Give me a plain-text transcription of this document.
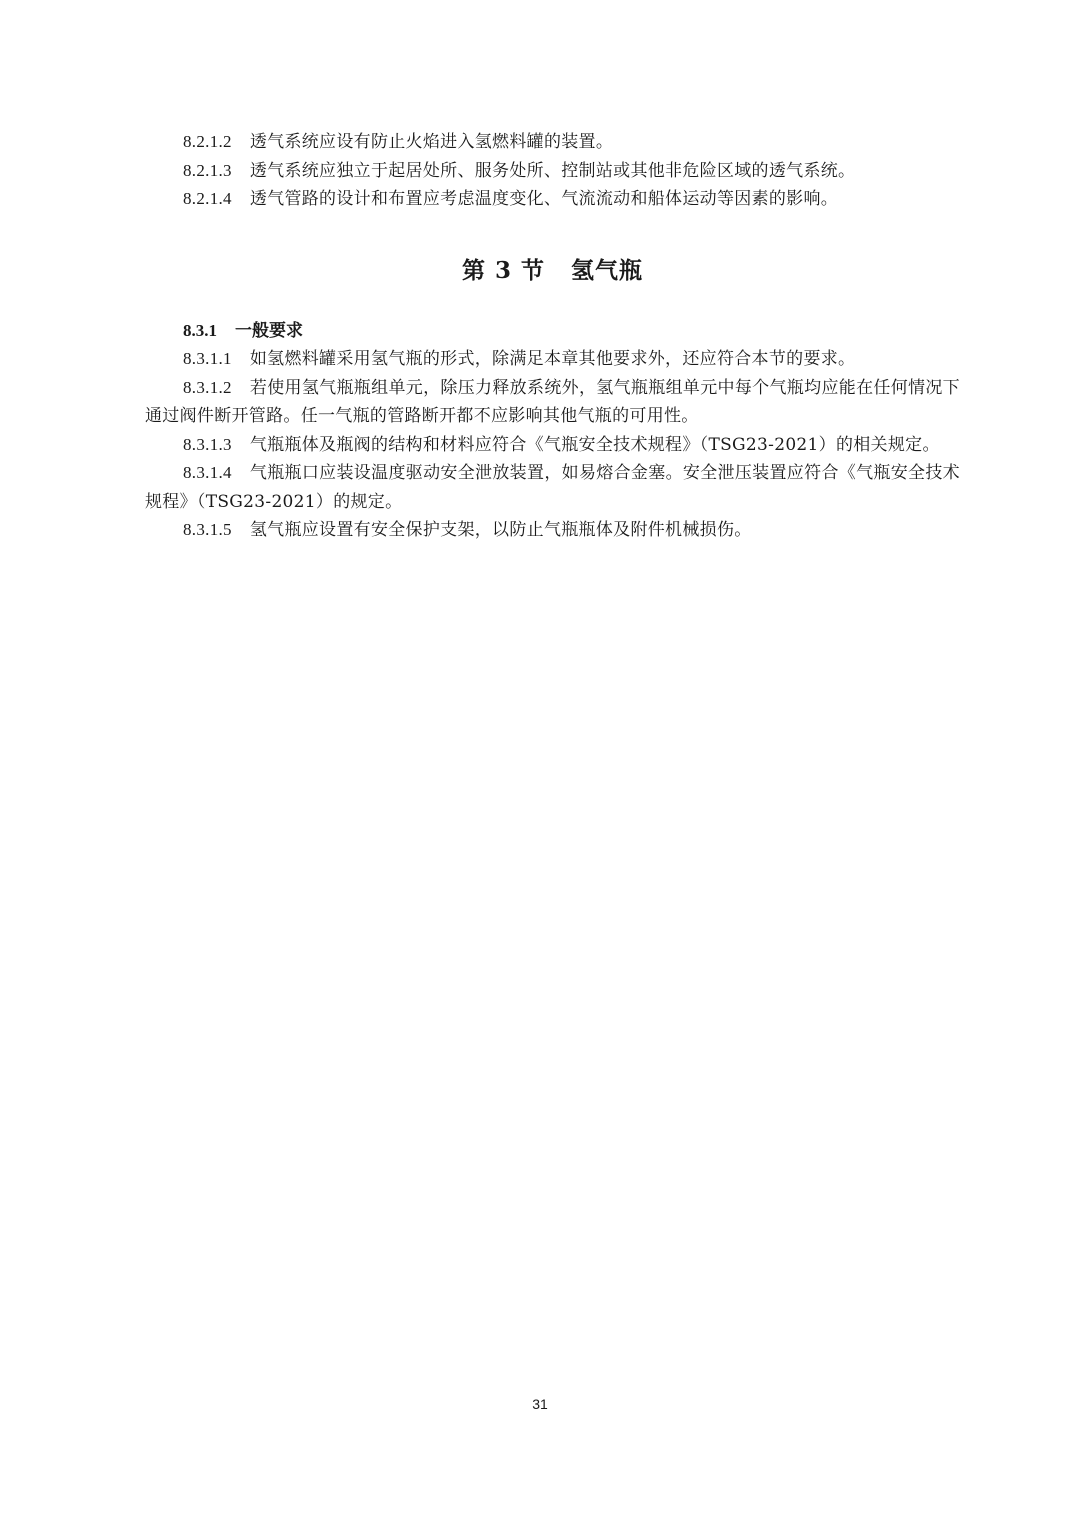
8.2.1.2 透气系统应设有防止火焰进入氢燃料罐的装置。

8.2.1.3 透气系统应独立于起居处所、服务处所、控制站或其他非危险区域的透气系统。

8.2.1.4 透气管路的设计和布置应考虑温度变化、气流流动和船体运动等因素的影响。

第 3 节 氢气瓶

8.3.1 一般要求

8.3.1.1 如氢燃料罐采用氢气瓶的形式，除满足本章其他要求外，还应符合本节的要求。

8.3.1.2 若使用氢气瓶瓶组单元，除压力释放系统外，氢气瓶瓶组单元中每个气瓶均应能在任何情况下通过阀件断开管路。任一气瓶的管路断开都不应影响其他气瓶的可用性。

8.3.1.3 气瓶瓶体及瓶阀的结构和材料应符合《气瓶安全技术规程》（TSG23-2021）的相关规定。

8.3.1.4 气瓶瓶口应装设温度驱动安全泄放装置，如易熔合金塞。安全泄压装置应符合《气瓶安全技术规程》（TSG23-2021）的规定。

8.3.1.5 氢气瓶应设置有安全保护支架，以防止气瓶瓶体及附件机械损伤。

31
